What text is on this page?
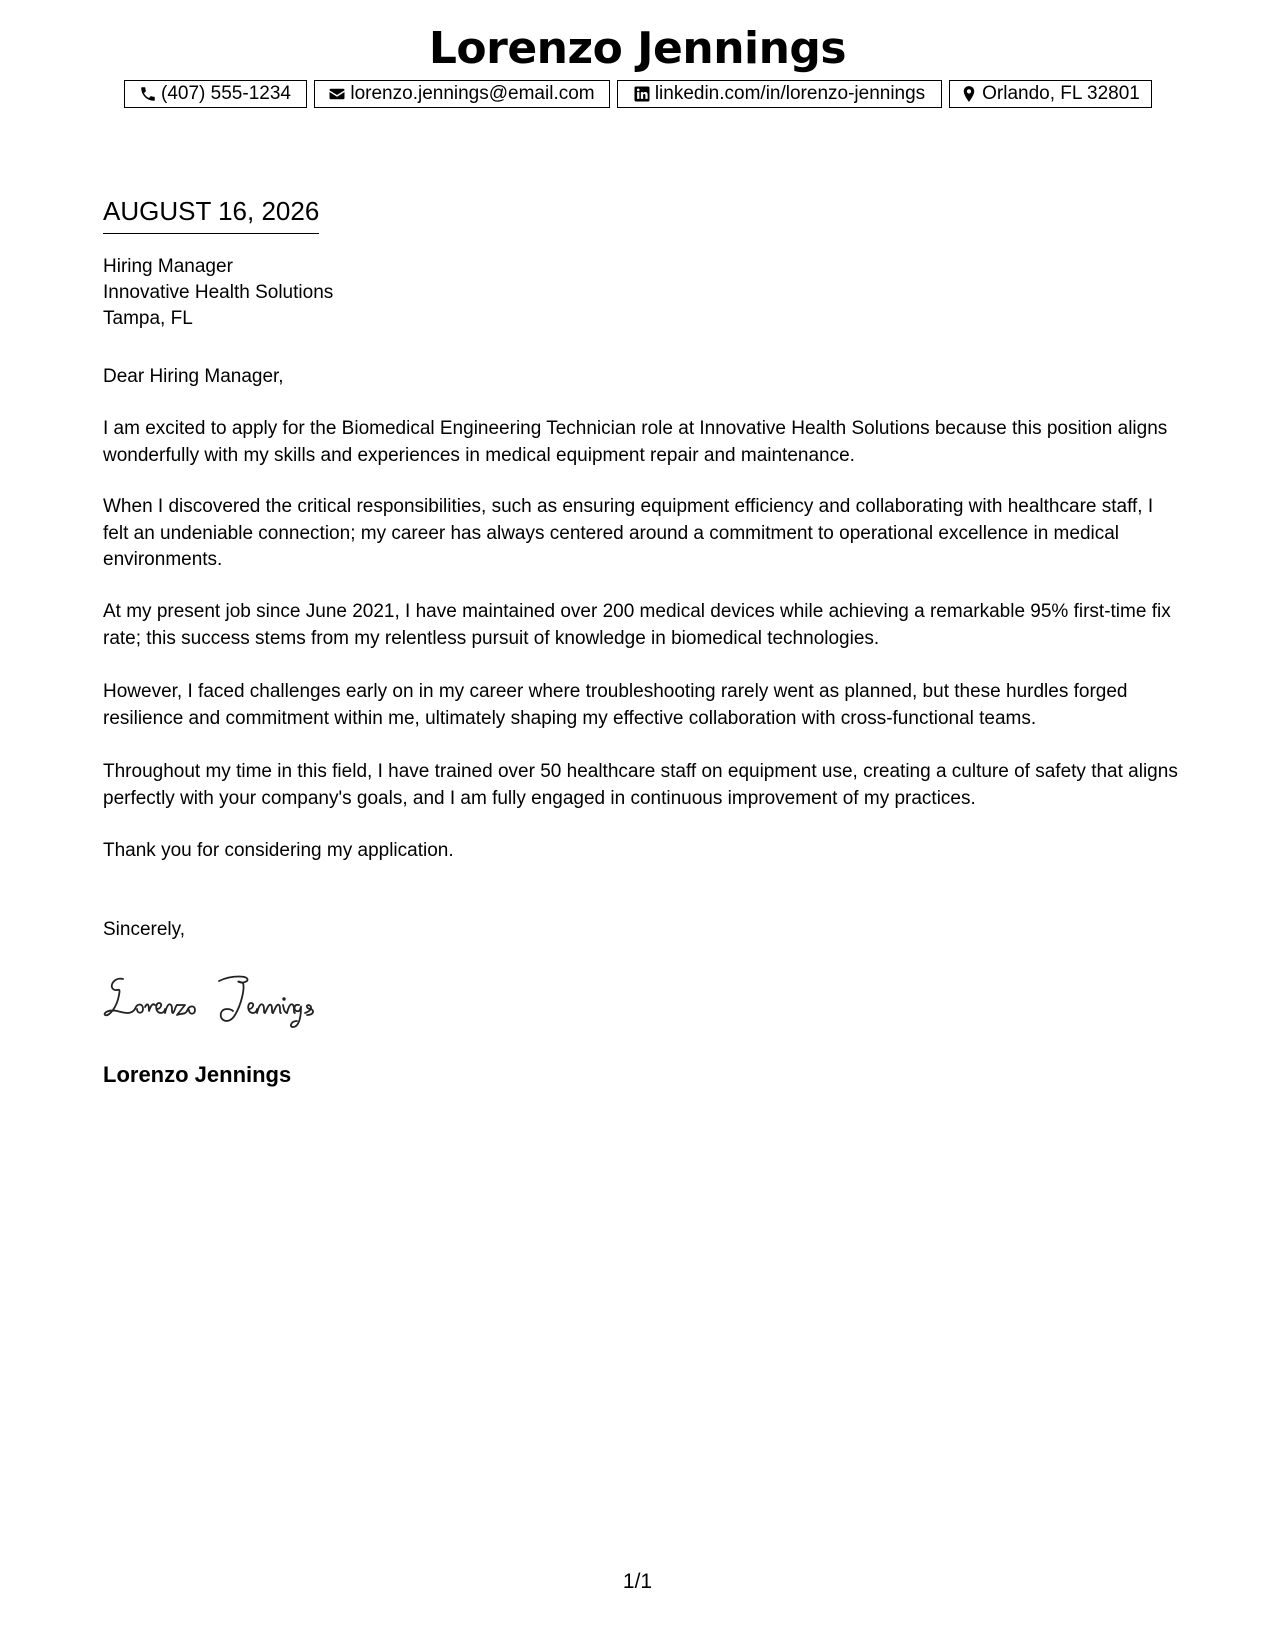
Lorenzo Jennings
(407) 555-1234	lorenzo.jennings@email.com	linkedin.com/in/lorenzo-jennings	Orlando, FL 32801
AUGUST 16, 2026
Hiring Manager
Innovative Health Solutions
Tampa, FL
Dear Hiring Manager,
I am excited to apply for the Biomedical Engineering Technician role at Innovative Health Solutions because this position aligns wonderfully with my skills and experiences in medical equipment repair and maintenance.
When I discovered the critical responsibilities, such as ensuring equipment efficiency and collaborating with healthcare staff, I felt an undeniable connection; my career has always centered around a commitment to operational excellence in medical environments.
At my present job since June 2021, I have maintained over 200 medical devices while achieving a remarkable 95% first-time fix rate; this success stems from my relentless pursuit of knowledge in biomedical technologies.
However, I faced challenges early on in my career where troubleshooting rarely went as planned, but these hurdles forged resilience and commitment within me, ultimately shaping my effective collaboration with cross-functional teams.
Throughout my time in this field, I have trained over 50 healthcare staff on equipment use, creating a culture of safety that aligns perfectly with your company's goals, and I am fully engaged in continuous improvement of my practices.
Thank you for considering my application.
Sincerely,
Lorenzo Jennings
1/1
